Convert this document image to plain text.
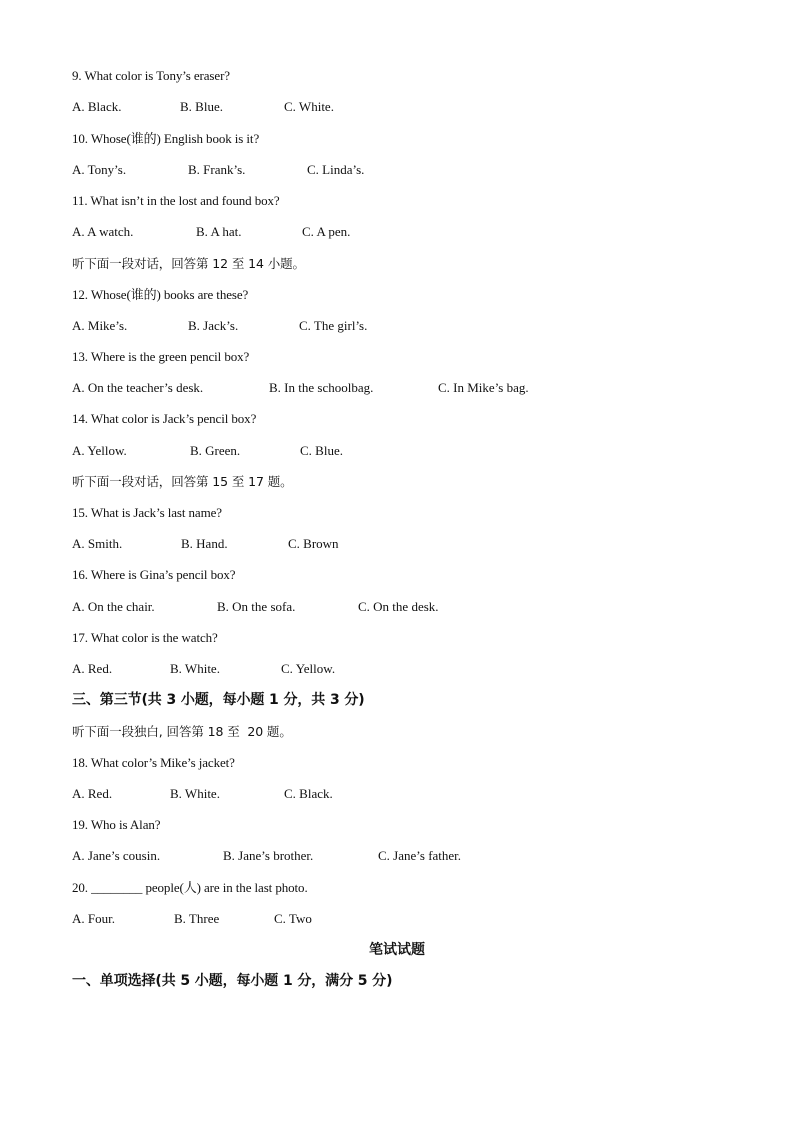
9. What color is Tony’s eraser?
A. Black.	B. Blue.	C. White.
10. Whose(谁的) English book is it?
A. Tony’s.	B. Frank’s.	C. Linda’s.
11. What isn’t in the lost and found box?
A. A watch.	B. A hat.	C. A pen.
听下面一段对话，回答第 12 至 14 小题。
12. Whose(谁的) books are these?
A. Mike’s.	B. Jack’s.	C. The girl’s.
13. Where is the green pencil box?
A. On the teacher’s desk.	B. In the schoolbag.	C. In Mike’s bag.
14. What color is Jack’s pencil box?
A. Yellow.	B. Green.	C. Blue.
听下面一段对话，回答第 15 至 17 题。
15. What is Jack’s last name?
A. Smith.	B. Hand.	C. Brown
16. Where is Gina’s pencil box?
A. On the chair.	B. On the sofa.	C. On the desk.
17. What color is the watch?
A. Red.	B. White.	C. Yellow.
三、第三节(共 3 小题，每小题 1 分，共 3 分)
听下面一段独白, 回答第 18 至  20 题。
18. What color’s Mike’s jacket?
A. Red.	B. White.	C. Black.
19. Who is Alan?
A. Jane’s cousin.	B. Jane’s brother.	C. Jane’s father.
20. ________ people(人) are in the last photo.
A. Four.	B. Three	C. Two
笔试试题
一、单项选择(共 5 小题，每小题 1 分，满分 5 分)
